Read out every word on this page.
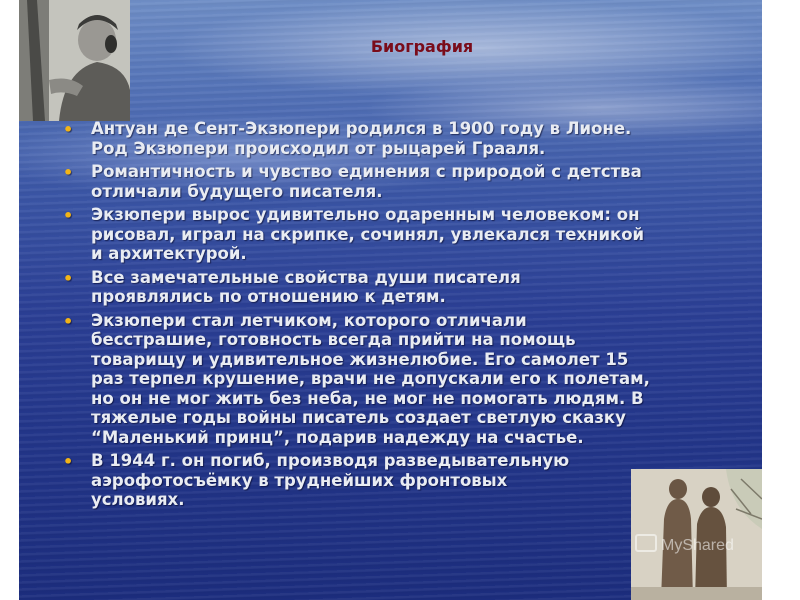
Биография
• Антуан де Сент-Экзюпери родился в 1900 году в Лионе.
Род Экзюпери происходил от рыцарей Грааля.
• Романтичность и чувство единения с природой с детства
отличали будущего писателя.
• Экзюпери вырос удивительно одаренным человеком: он
рисовал, играл на скрипке, сочинял, увлекался техникой
и архитектурой.
• Все замечательные свойства души писателя
проявлялись по отношению к детям.
• Экзюпери стал летчиком, которого отличали
бесстрашие, готовность всегда прийти на помощь
товарищу и удивительное жизнелюбие. Его самолет 15
раз терпел крушение, врачи не допускали его к полетам,
но он не мог жить без неба, не мог не помогать людям. В
тяжелые годы войны писатель создает светлую сказку
“Маленький принц”, подарив надежду на счастье.
• В 1944 г. он погиб, производя разведывательную
аэрофотосъёмку в труднейших фронтовых
условиях.
MyShared
